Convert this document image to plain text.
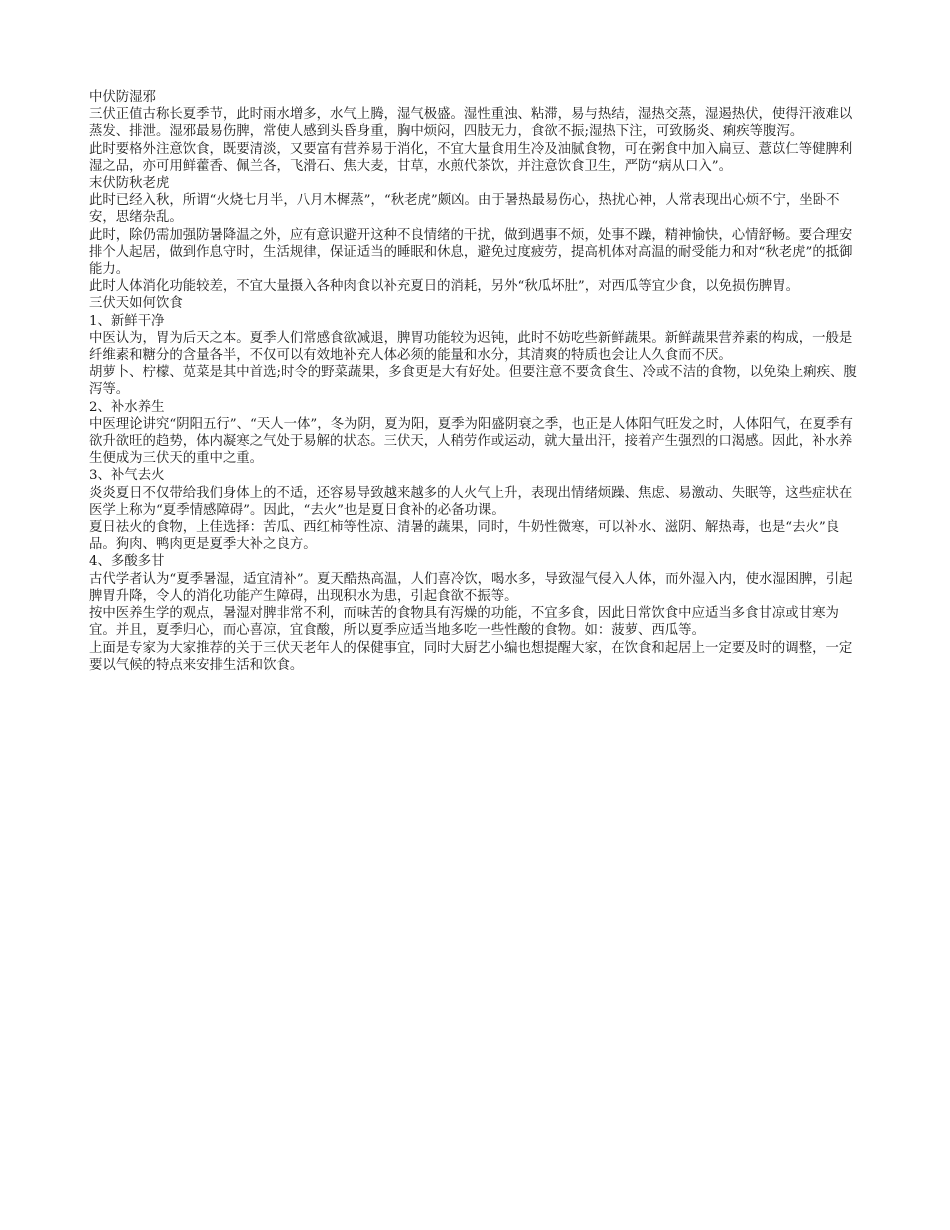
中伏防湿邪

三伏正值古称长夏季节，此时雨水增多，水气上腾，湿气极盛。湿性重浊、粘滞，易与热结，湿热交蒸，湿遏热伏，使得汗液难以蒸发、排泄。湿邪最易伤脾，常使人感到头昏身重，胸中烦闷，四肢无力，食欲不振;湿热下注，可致肠炎、痢疾等腹泻。

此时要格外注意饮食，既要清淡，又要富有营养易于消化，不宜大量食用生冷及油腻食物，可在粥食中加入扁豆、薏苡仁等健脾利湿之品，亦可用鲜藿香、佩兰各，飞滑石、焦大麦，甘草，水煎代茶饮，并注意饮食卫生，严防“病从口入”。

末伏防秋老虎

此时已经入秋，所谓“火烧七月半，八月木樨蒸”，“秋老虎”颇凶。由于暑热最易伤心，热扰心神，人常表现出心烦不宁，坐卧不安，思绪杂乱。

此时，除仍需加强防暑降温之外，应有意识避开这种不良情绪的干扰，做到遇事不烦，处事不躁，精神愉快，心情舒畅。要合理安排个人起居，做到作息守时，生活规律，保证适当的睡眠和休息，避免过度疲劳，提高机体对高温的耐受能力和对“秋老虎”的抵御能力。

此时人体消化功能较差，不宜大量摄入各种肉食以补充夏日的消耗，另外“秋瓜坏肚”，对西瓜等宜少食，以免损伤脾胃。

三伏天如何饮食

1、新鲜干净

中医认为，胃为后天之本。夏季人们常感食欲减退，脾胃功能较为迟钝，此时不妨吃些新鲜蔬果。新鲜蔬果营养素的构成，一般是纤维素和糖分的含量各半，不仅可以有效地补充人体必须的能量和水分，其清爽的特质也会让人久食而不厌。

胡萝卜、柠檬、苋菜是其中首选;时令的野菜蔬果，多食更是大有好处。但要注意不要贪食生、冷或不洁的食物，以免染上痢疾、腹泻等。

2、补水养生

中医理论讲究“阴阳五行”、“天人一体”，冬为阴，夏为阳，夏季为阳盛阴衰之季，也正是人体阳气旺发之时，人体阳气，在夏季有欲升欲旺的趋势，体内凝寒之气处于易解的状态。三伏天，人稍劳作或运动，就大量出汗，接着产生强烈的口渴感。因此，补水养生便成为三伏天的重中之重。

3、补气去火

炎炎夏日不仅带给我们身体上的不适，还容易导致越来越多的人火气上升，表现出情绪烦躁、焦虑、易激动、失眠等，这些症状在医学上称为“夏季情感障碍”。因此，“去火”也是夏日食补的必备功课。

夏日祛火的食物，上佳选择：苦瓜、西红柿等性凉、清暑的蔬果，同时，牛奶性微寒，可以补水、滋阴、解热毒，也是“去火”良品。狗肉、鸭肉更是夏季大补之良方。

4、多酸多甘

古代学者认为“夏季暑湿，适宜清补”。夏天酷热高温，人们喜冷饮，喝水多，导致湿气侵入人体，而外湿入内，使水湿困脾，引起脾胃升降，令人的消化功能产生障碍，出现积水为患，引起食欲不振等。

按中医养生学的观点，暑湿对脾非常不利，而味苦的食物具有泻燥的功能，不宜多食，因此日常饮食中应适当多食甘凉或甘寒为宜。并且，夏季归心，而心喜凉，宜食酸，所以夏季应适当地多吃一些性酸的食物。如：菠萝、西瓜等。

上面是专家为大家推荐的关于三伏天老年人的保健事宜，同时大厨艺小编也想提醒大家，在饮食和起居上一定要及时的调整，一定要以气候的特点来安排生活和饮食。
